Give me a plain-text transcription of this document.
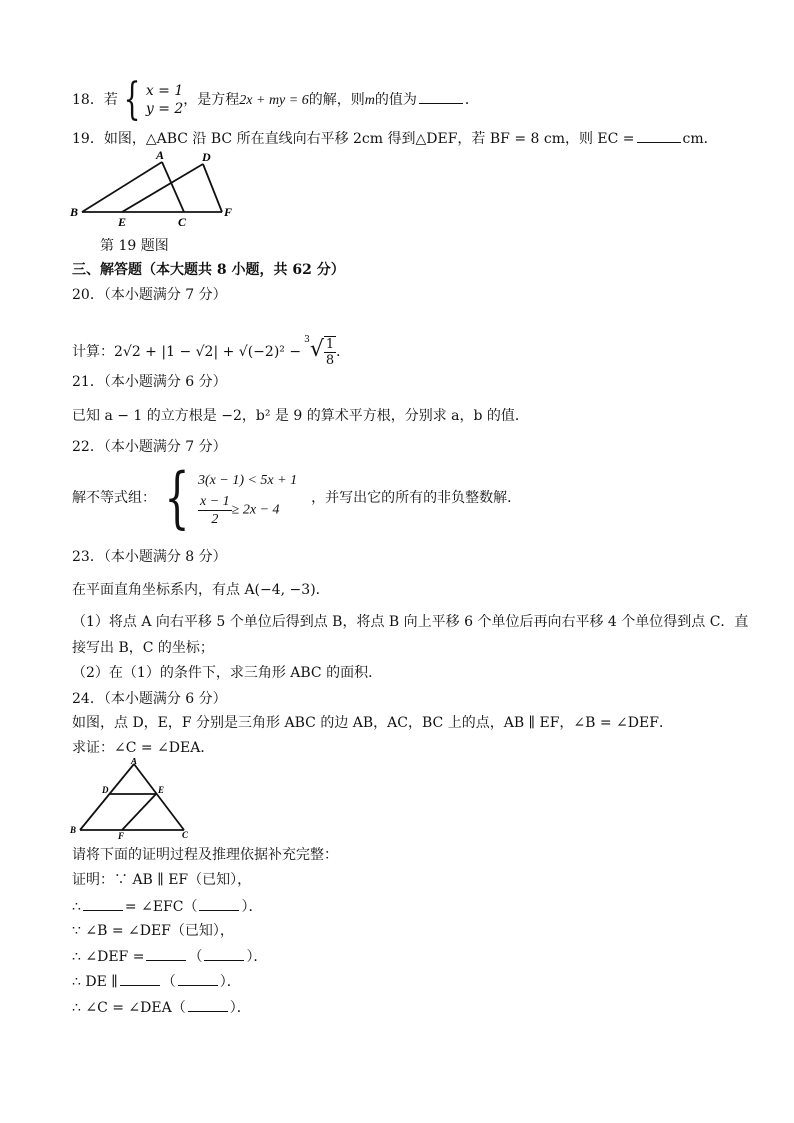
18．若 { x = 1
y = 2
，是方程2x + my = 6的解，则m的值为	．
19．如图，△ABC 沿 BC 所在直线向右平移 2cm 得到△DEF，若 BF = 8 cm，则 EC =	cm．
A	D
B
E	C
F
第 19 题图
三、解答题（本大题共 8 小题，共 62 分）
20．（本小题满分 7 分）
计算：$2√2 + |1 - √2| + √(-2)^2 -^3√ \frac{1}{8}$ ．
21．（本小题满分 6 分）
已知 a − 1 的立方根是 −2，b² 是 9 的算术平方根，分别求 a，b 的值．
22．（本小题满分 7 分）
解不等式组： { 3(x − 1) < 5x + 1
$\frac{x - 1}{2} \ge 2x - 4$
，并写出它的所有的非负整数解．
23．（本小题满分 8 分）
在平面直角坐标系内，有点 A(−4, −3)．
（1）将点 A 向右平移 5 个单位后得到点 B，将点 B 向上平移 6 个单位后再向右平移 4 个单位得到点 C．直
接写出 B，C 的坐标；
（2）在（1）的条件下，求三角形 ABC 的面积．
24．（本小题满分 6 分）
如图，点 D，E，F 分别是三角形 ABC 的边 AB，AC，BC 上的点，AB ∥ EF，∠B = ∠DEF．
求证：∠C = ∠DEA．
A
D	E
B
F	C
请将下面的证明过程及推理依据补充完整：
证明：∵ AB ∥ EF（已知），
∴	= ∠EFC（	）．
∵ ∠B = ∠DEF（已知），
∴ ∠DEF =	（	）．
∴ DE ∥	（	）．
∴ ∠C = ∠DEA（	）．
